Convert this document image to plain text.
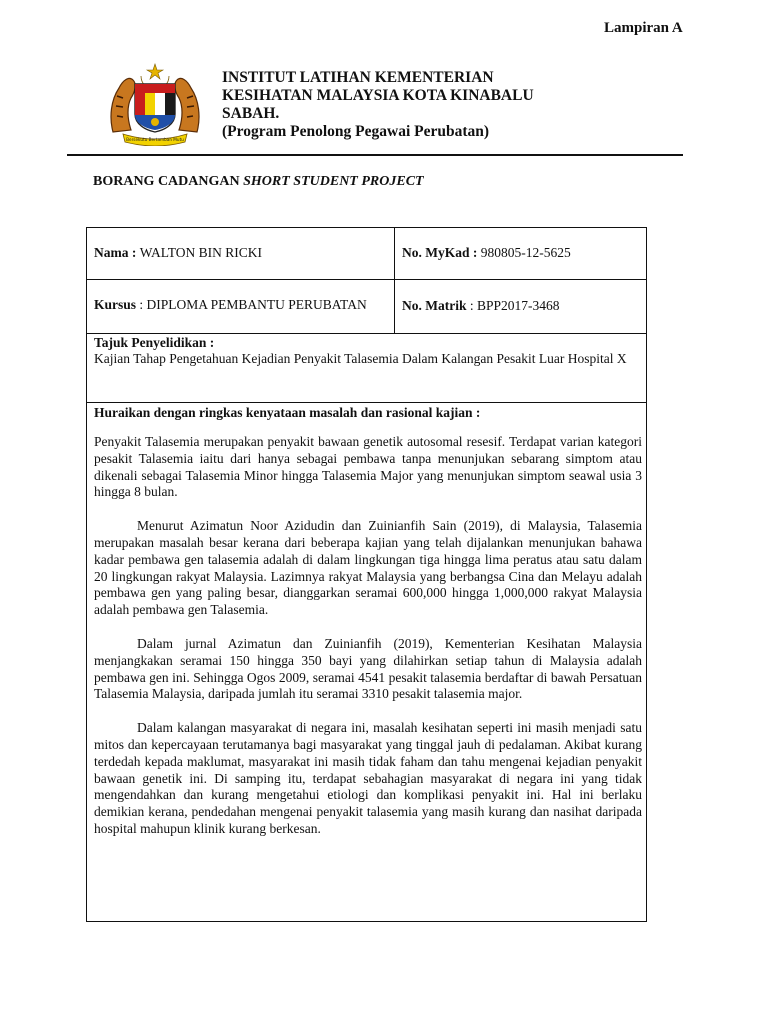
Lampiran A
Bersekutu Bertambah Mutu
INSTITUT LATIHAN KEMENTERIAN
KESIHATAN MALAYSIA KOTA KINABALU
SABAH.
(Program Penolong Pegawai Perubatan)
BORANG CADANGAN SHORT STUDENT PROJECT
Nama : WALTON BIN RICKI	No. MyKad : 980805-12-5625
Kursus : DIPLOMA PEMBANTU PERUBATAN	No. Matrik : BPP2017-3468
Tajuk Penyelidikan :
Kajian Tahap Pengetahuan Kejadian Penyakit Talasemia Dalam Kalangan Pesakit Luar Hospital X
Huraikan dengan ringkas kenyataan masalah dan rasional kajian :

Penyakit Talasemia merupakan penyakit bawaan genetik autosomal resesif. Terdapat varian kategori pesakit Talasemia iaitu dari hanya sebagai pembawa tanpa menunjukan sebarang simptom atau dikenali sebagai Talasemia Minor hingga Talasemia Major yang menunjukan simptom seawal usia 3 hingga 8 bulan.

Menurut Azimatun Noor Azidudin dan Zuinianfih Sain (2019), di Malaysia, Talasemia merupakan masalah besar kerana dari beberapa kajian yang telah dijalankan menunjukan bahawa kadar pembawa gen talasemia adalah di dalam lingkungan tiga hingga lima peratus atau satu dalam 20 lingkungan rakyat Malaysia. Lazimnya rakyat Malaysia yang berbangsa Cina dan Melayu adalah pembawa gen yang paling besar, dianggarkan seramai 600,000 hingga 1,000,000 rakyat Malaysia adalah pembawa gen Talasemia.

Dalam jurnal Azimatun dan Zuinianfih (2019), Kementerian Kesihatan Malaysia menjangkakan seramai 150 hingga 350 bayi yang dilahirkan setiap tahun di Malaysia adalah pembawa gen ini. Sehingga Ogos 2009, seramai 4541 pesakit talasemia berdaftar di bawah Persatuan Talasemia Malaysia, daripada jumlah itu seramai 3310 pesakit talasemia major.

Dalam kalangan masyarakat di negara ini, masalah kesihatan seperti ini masih menjadi satu mitos dan kepercayaan terutamanya bagi masyarakat yang tinggal jauh di pedalaman. Akibat kurang terdedah kepada maklumat, masyarakat ini masih tidak faham dan tahu mengenai kejadian penyakit bawaan genetik ini. Di samping itu, terdapat sebahagian masyarakat di negara ini yang tidak mengendahkan dan kurang mengetahui etiologi dan komplikasi penyakit ini. Hal ini berlaku demikian kerana, pendedahan mengenai penyakit talasemia yang masih kurang dan nasihat daripada hospital mahupun klinik kurang berkesan.
